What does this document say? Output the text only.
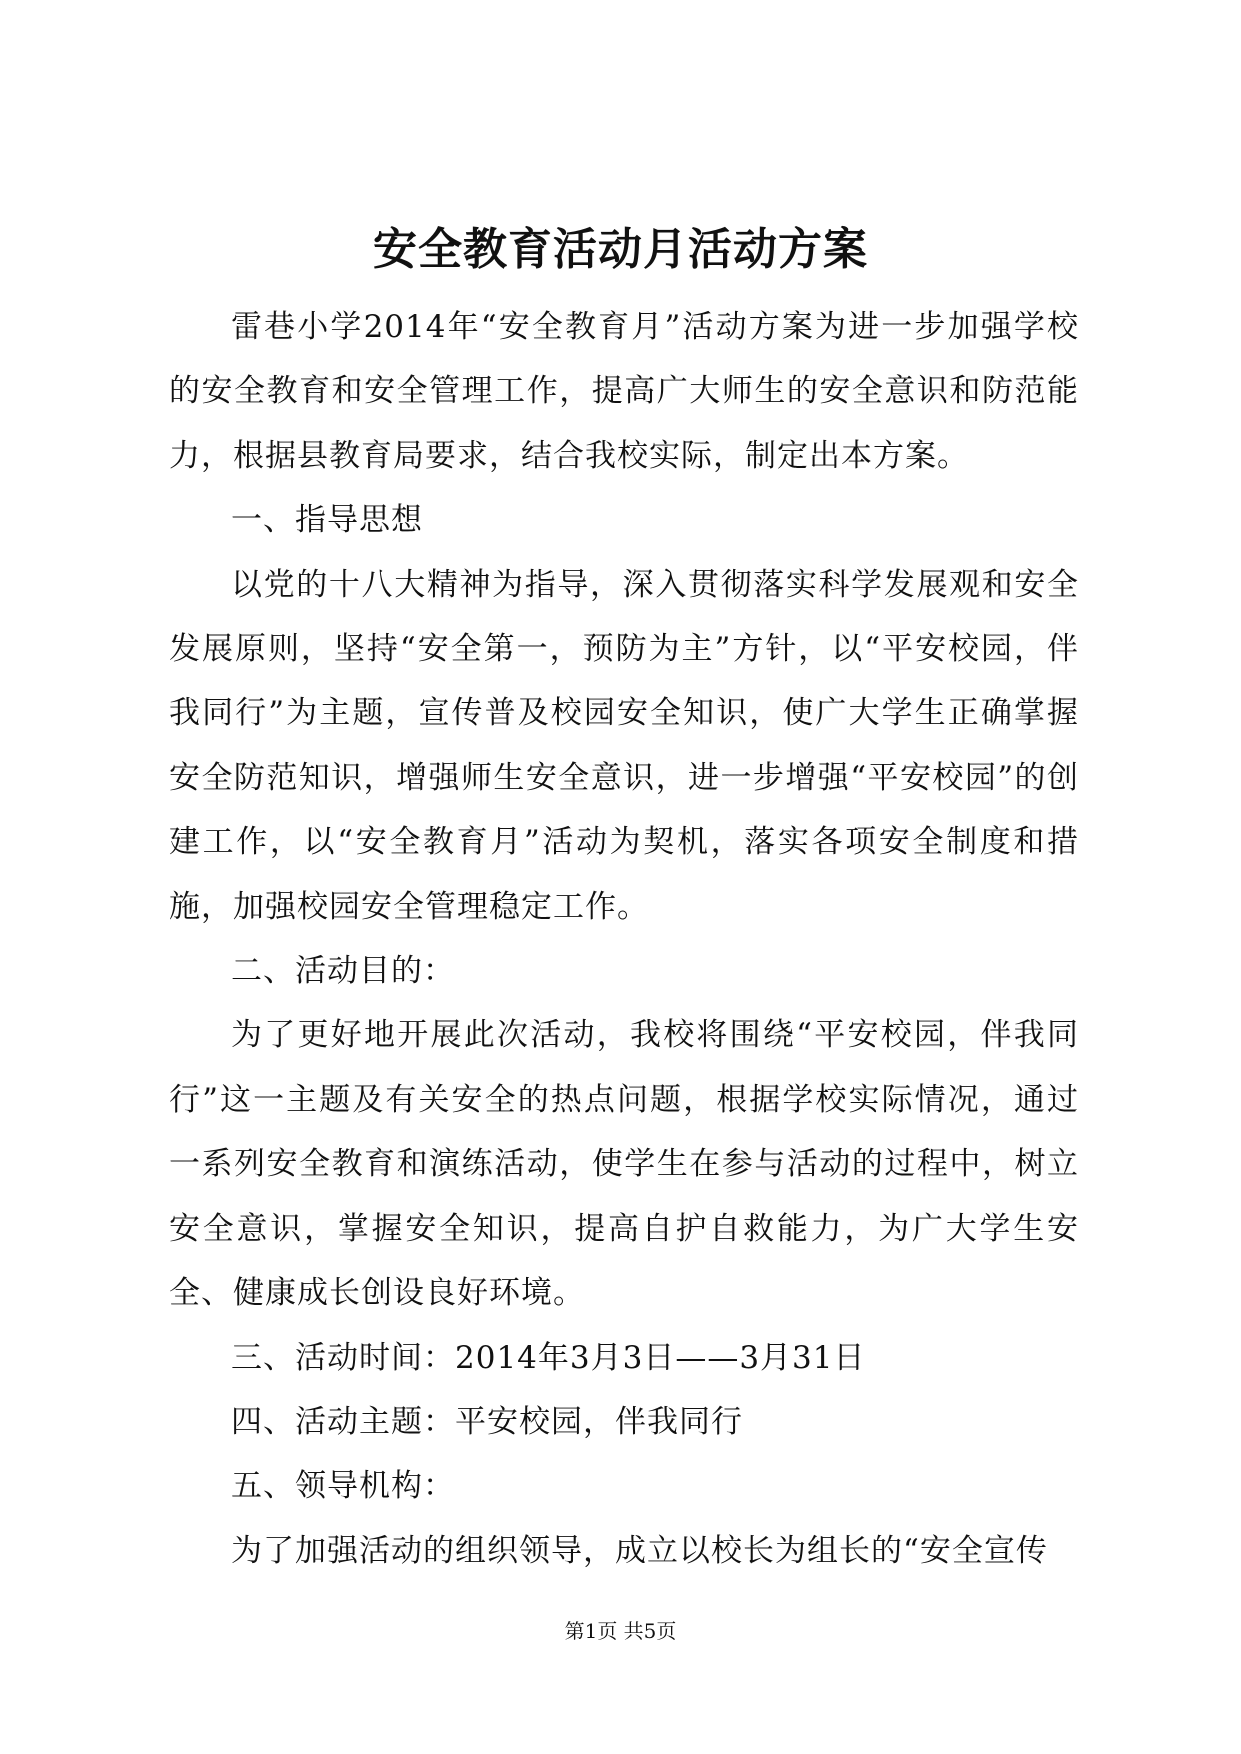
安全教育活动月活动方案

雷巷小学2014年“安全教育月”活动方案为进一步加强学校的安全教育和安全管理工作，提高广大师生的安全意识和防范能力，根据县教育局要求，结合我校实际，制定出本方案。

一、指导思想

以党的十八大精神为指导，深入贯彻落实科学发展观和安全发展原则，坚持“安全第一，预防为主”方针，以“平安校园，伴我同行”为主题，宣传普及校园安全知识，使广大学生正确掌握安全防范知识，增强师生安全意识，进一步增强“平安校园”的创建工作，以“安全教育月”活动为契机，落实各项安全制度和措施，加强校园安全管理稳定工作。

二、活动目的：

为了更好地开展此次活动，我校将围绕“平安校园，伴我同行”这一主题及有关安全的热点问题，根据学校实际情况，通过一系列安全教育和演练活动，使学生在参与活动的过程中，树立安全意识，掌握安全知识，提高自护自救能力，为广大学生安全、健康成长创设良好环境。

三、活动时间：2014年3月3日——3月31日

四、活动主题：平安校园，伴我同行

五、领导机构：

为了加强活动的组织领导，成立以校长为组长的“安全宣传

第1页 共5页
